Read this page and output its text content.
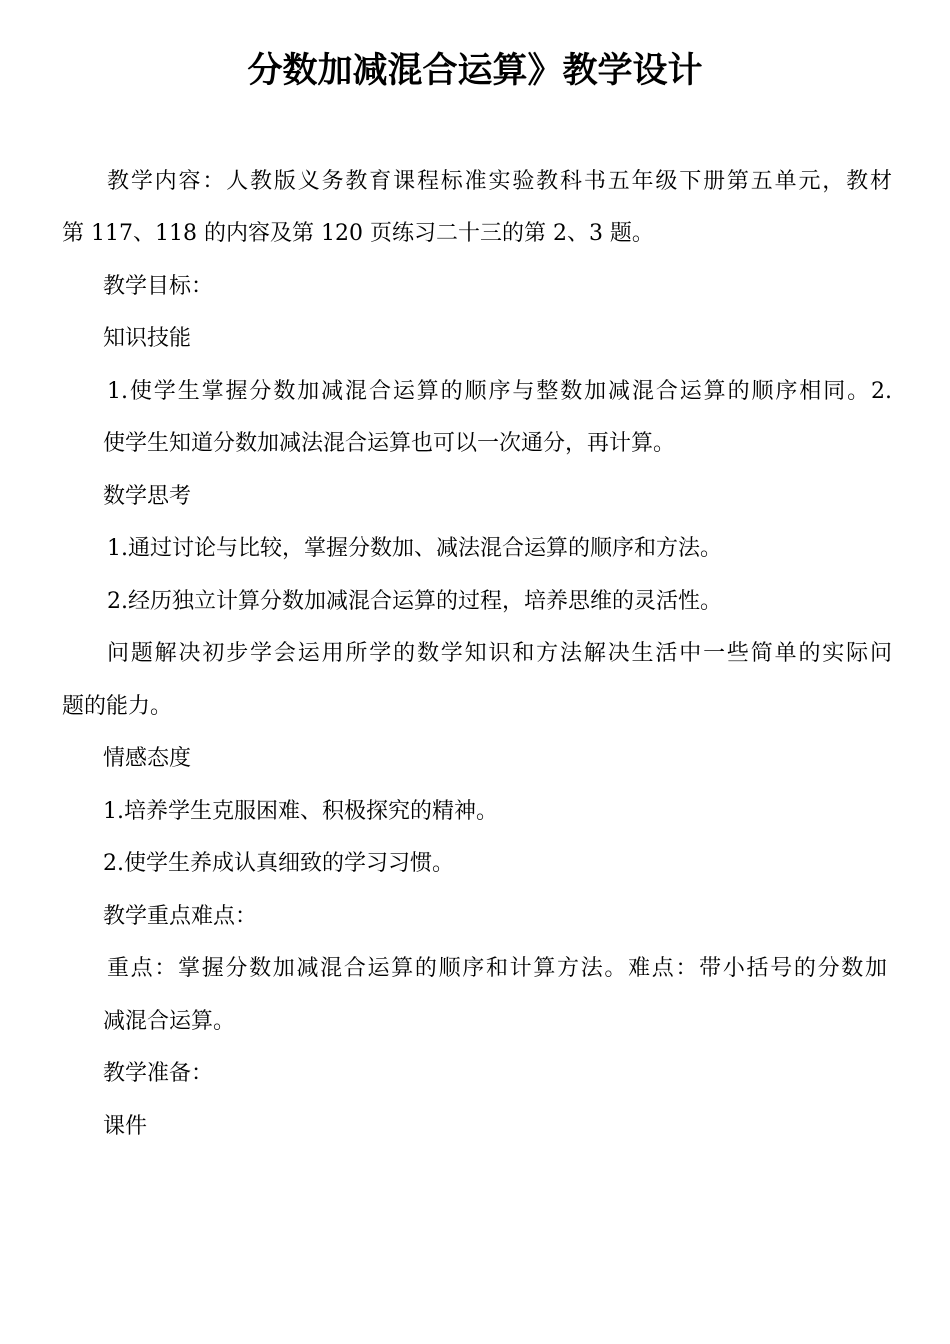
分数加减混合运算》教学设计
教学内容：人教版义务教育课程标准实验教科书五年级下册第五单元，教材
第 117、118 的内容及第 120 页练习二十三的第 2、3 题。
教学目标：
知识技能
1.使学生掌握分数加减混合运算的顺序与整数加减混合运算的顺序相同。2.
使学生知道分数加减法混合运算也可以一次通分，再计算。
数学思考
1.通过讨论与比较，掌握分数加、减法混合运算的顺序和方法。
2.经历独立计算分数加减混合运算的过程，培养思维的灵活性。
问题解决初步学会运用所学的数学知识和方法解决生活中一些简单的实际问
题的能力。
情感态度
1.培养学生克服困难、积极探究的精神。
2.使学生养成认真细致的学习习惯。
教学重点难点：
重点：掌握分数加减混合运算的顺序和计算方法。难点：带小括号的分数加
减混合运算。
教学准备：
课件
